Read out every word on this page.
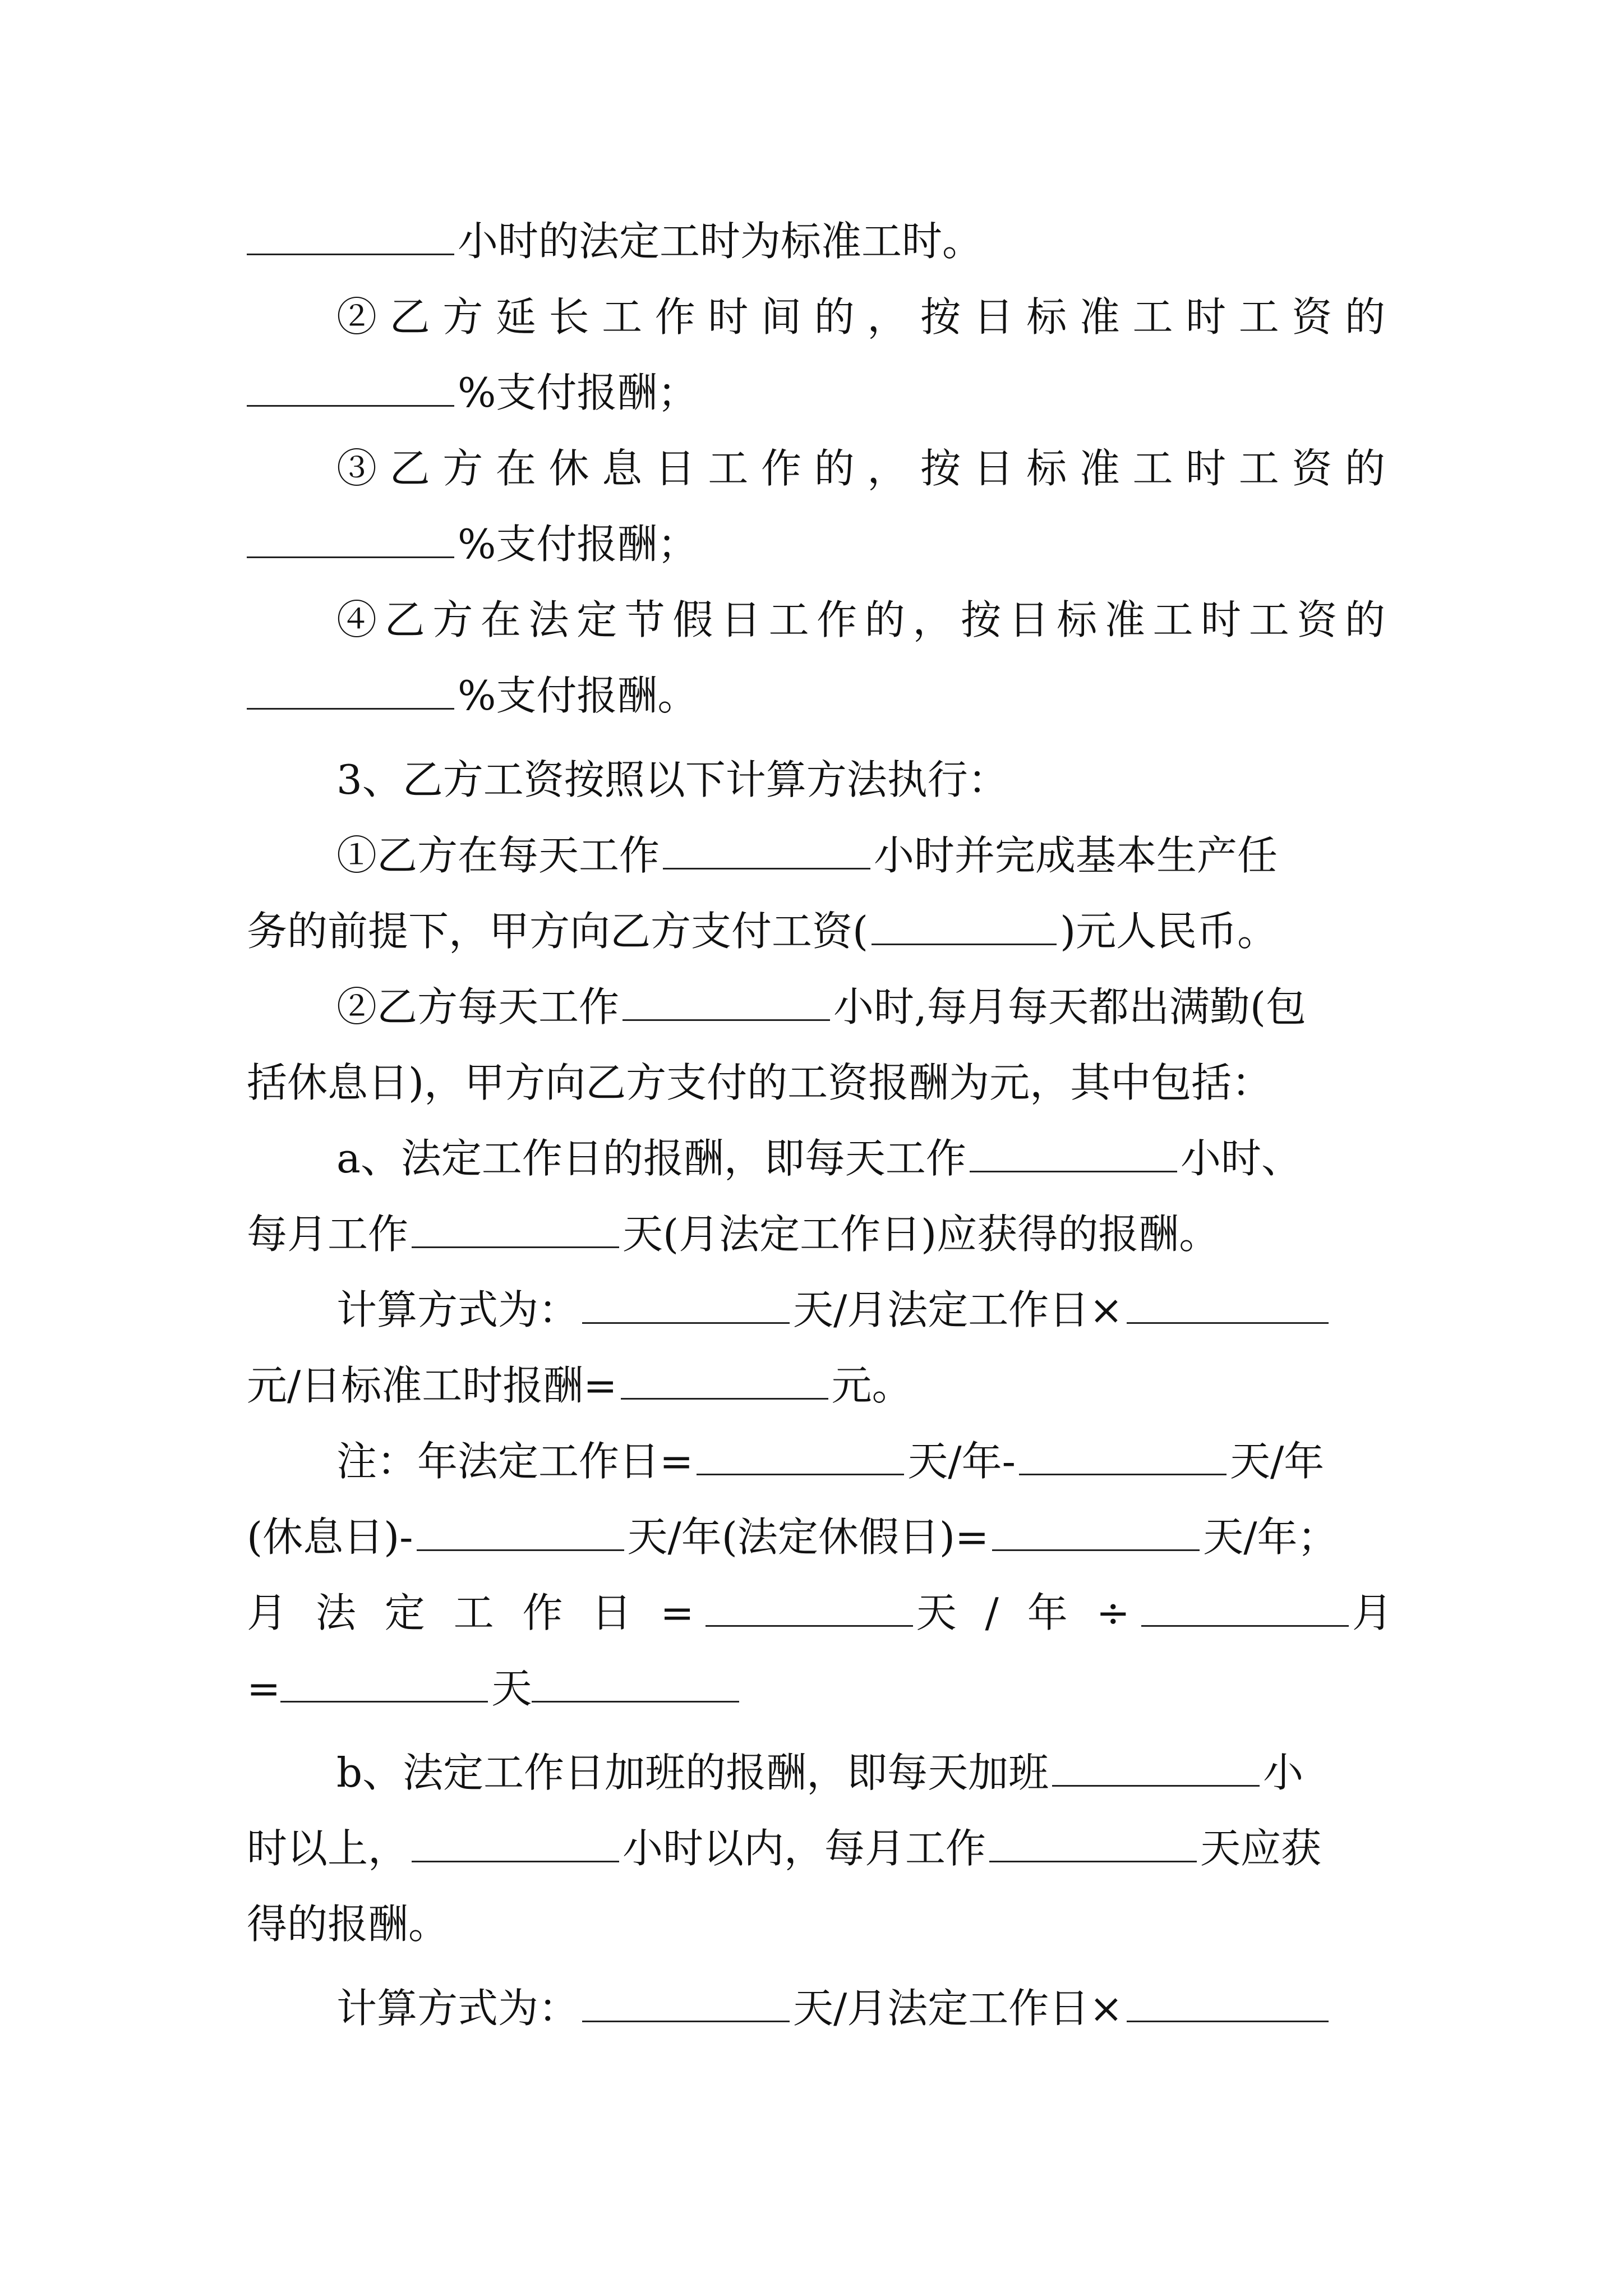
小时的法定工时为标准工时。
②乙方延长工作时间的，按日标准工时工资的
%支付报酬；
③乙方在休息日工作的，按日标准工时工资的
%支付报酬；
④乙方在法定节假日工作的，按日标准工时工资的
%支付报酬。
3、乙方工资按照以下计算方法执行：
①乙方在每天工作	小时并完成基本生产任
务的前提下，甲方向乙方支付工资(	)元人民币。
②乙方每天工作	小时,每月每天都出满勤(包
括休息日)，甲方向乙方支付的工资报酬为元，其中包括：
a、法定工作日的报酬，即每天工作	小时、
每月工作	天(月法定工作日)应获得的报酬。
计算方式为：	天/月法定工作日×
元/日标准工时报酬=	元。
注：年法定工作日=	天/年-	天/年
(休息日)-	天/年(法定休假日)=	天/年；
月 法 定 工 作 日 =	天 / 年 ÷	月
=	天
b、法定工作日加班的报酬，即每天加班	小
时以上，	小时以内，每月工作	天应获
得的报酬。
计算方式为：	天/月法定工作日×
